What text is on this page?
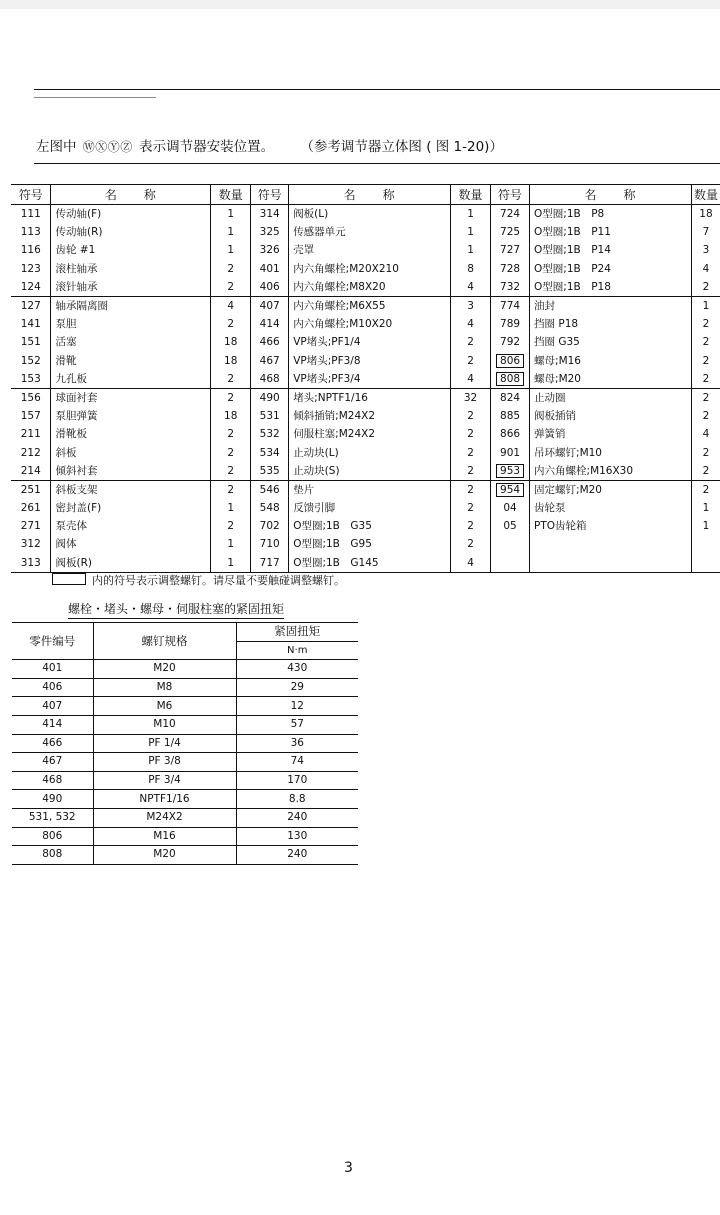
左图中 ⓌⓍⓎⓏ 表示调节器安装位置。 （参考调节器立体图 ( 图 1-20)）
符号	名　　称	数量	符号	名　　称	数量	符号	名　　称	数量
111	传动轴(F)	1	314	阀板(L)	1	724	O型圈;1B　P8	18
113	传动轴(R)	1	325	传感器单元	1	725	O型圈;1B　P11	7
116	齿轮 #1	1	326	壳罩	1	727	O型圈;1B　P14	3
123	滚柱轴承	2	401	内六角螺栓;M20X210	8	728	O型圈;1B　P24	4
124	滚针轴承	2	406	内六角螺栓;M8X20	4	732	O型圈;1B　P18	2
127	轴承隔离圈	4	407	内六角螺栓;M6X55	3	774	油封	1
141	泵胆	2	414	内六角螺栓;M10X20	4	789	挡圈 P18	2
151	活塞	18	466	VP堵头;PF1/4	2	792	挡圈 G35	2
152	滑靴	18	467	VP堵头;PF3/8	2	806	螺母;M16	2
153	九孔板	2	468	VP堵头;PF3/4	4	808	螺母;M20	2
156	球面衬套	2	490	堵头;NPTF1/16	32	824	止动圈	2
157	泵胆弹簧	18	531	倾斜插销;M24X2	2	885	阀板插销	2
211	滑靴板	2	532	伺服柱塞;M24X2	2	866	弹簧销	4
212	斜板	2	534	止动块(L)	2	901	吊环螺钉;M10	2
214	倾斜衬套	2	535	止动块(S)	2	953	内六角螺栓;M16X30	2
251	斜板支架	2	546	垫片	2	954	固定螺钉;M20	2
261	密封盖(F)	1	548	反馈引脚	2	04	齿轮泵	1
271	泵壳体	2	702	O型圈;1B　G35	2	05	PTO齿轮箱	1
312	阀体	1	710	O型圈;1B　G95	2			
313	阀板(R)	1	717	O型圈;1B　G145	4			
内的符号表示调整螺钉。请尽量不要触碰调整螺钉。
螺栓・堵头・螺母・伺服柱塞的紧固扭矩
零件编号	螺钉规格	紧固扭矩
		N·m
401	M20	430
406	M8	29
407	M6	12
414	M10	57
466	PF 1/4	36
467	PF 3/8	74
468	PF 3/4	170
490	NPTF1/16	8.8
531, 532	M24X2	240
806	M16	130
808	M20	240
3
